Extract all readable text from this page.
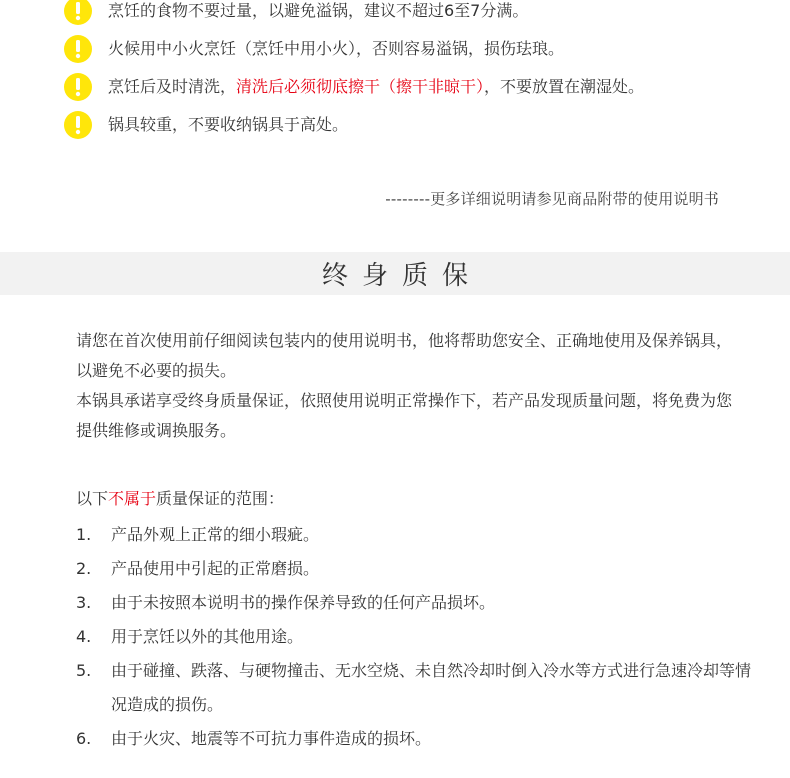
烹饪的食物不要过量，以避免溢锅，建议不超过6至7分满。
火候用中小火烹饪（烹饪中用小火），否则容易溢锅，损伤珐琅。
烹饪后及时清洗，清洗后必须彻底擦干（擦干非晾干），不要放置在潮湿处。
锅具较重，不要收纳锅具于高处。
--------更多详细说明请参见商品附带的使用说明书
终身质保
请您在首次使用前仔细阅读包装内的使用说明书，他将帮助您安全、正确地使用及保养锅具，以避免不必要的损失。
本锅具承诺享受终身质量保证，依照使用说明正常操作下，若产品发现质量问题，将免费为您提供维修或调换服务。
以下不属于质量保证的范围：
1.	产品外观上正常的细小瑕疵。
2.	产品使用中引起的正常磨损。
3.	由于未按照本说明书的操作保养导致的任何产品损坏。
4.	用于烹饪以外的其他用途。
5.	由于碰撞、跌落、与硬物撞击、无水空烧、未自然冷却时倒入冷水等方式进行急速冷却等情况造成的损伤。
6.	由于火灾、地震等不可抗力事件造成的损坏。
